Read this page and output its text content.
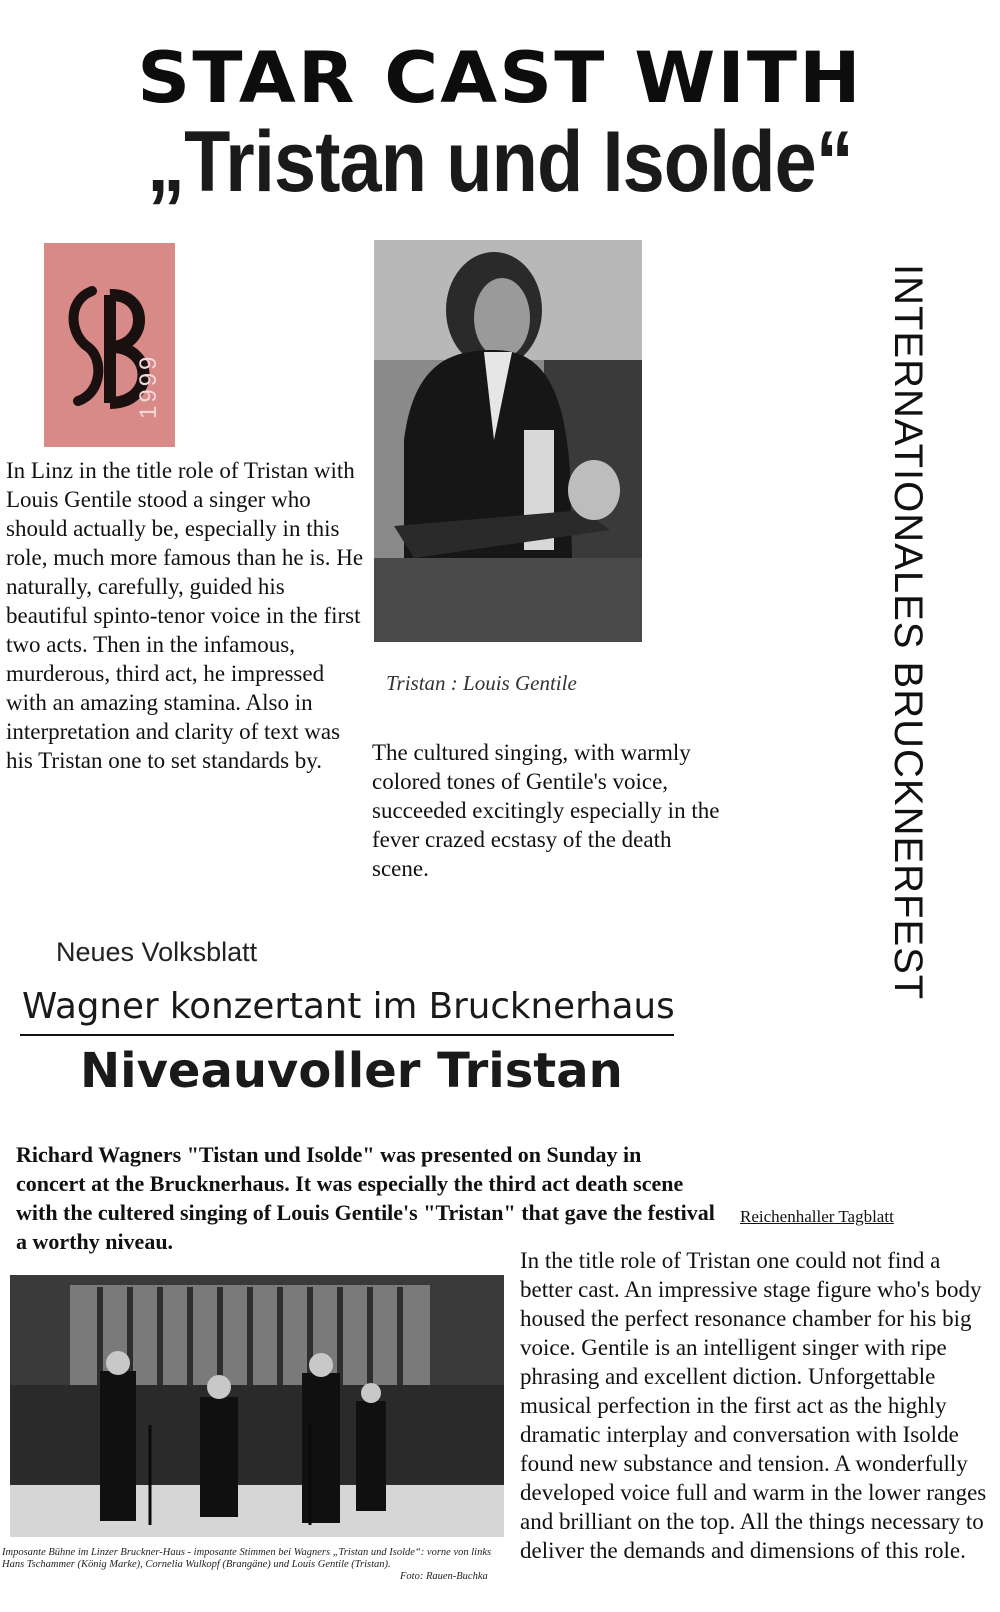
STAR CAST WITH
„Tristan und Isolde“
1999	INTERNATIONALES BRUCKNERFEST

In Linz in the title role of Tristan with Louis Gentile stood a singer who should actually be, especially in this role, much more famous than he is. He naturally, carefully, guided his beautiful spinto-tenor voice in the first two acts. Then in the infamous, murderous, third act, he impressed with an amazing stamina. Also in interpretation and clarity of text was his Tristan one to set standards by.

Tristan : Louis Gentile

The cultured singing, with warmly colored tones of Gentile's voice, succeeded excitingly especially in the fever crazed ecstasy of the death scene.

Neues Volksblatt
Wagner konzertant im Brucknerhaus
Niveauvoller Tristan

Richard Wagners "Tistan und Isolde" was presented on Sunday in concert at the Brucknerhaus. It was especially the third act death scene with the cultered singing of Louis Gentile's "Tristan" that gave the festival a worthy niveau.

Reichenhaller Tagblatt

In the title role of Tristan one could not find a better cast. An impressive stage figure who's body housed the perfect resonance chamber for his big voice. Gentile is an intelligent singer with ripe phrasing and excellent diction. Unforgettable musical perfection in the first act as the highly dramatic interplay and conversation with Isolde found new substance and tension. A wonderfully developed voice full and warm in the lower ranges and brilliant on the top. All the things necessary to deliver the demands and dimensions of this role.

Imposante Bühne im Linzer Bruckner-Haus - imposante Stimmen bei Wagners „Tristan und Isolde“: vorne von links Hans Tschammer (König Marke), Cornelia Wulkopf (Brangäne) und Louis Gentile (Tristan).
Foto: Rauen-Buchka
